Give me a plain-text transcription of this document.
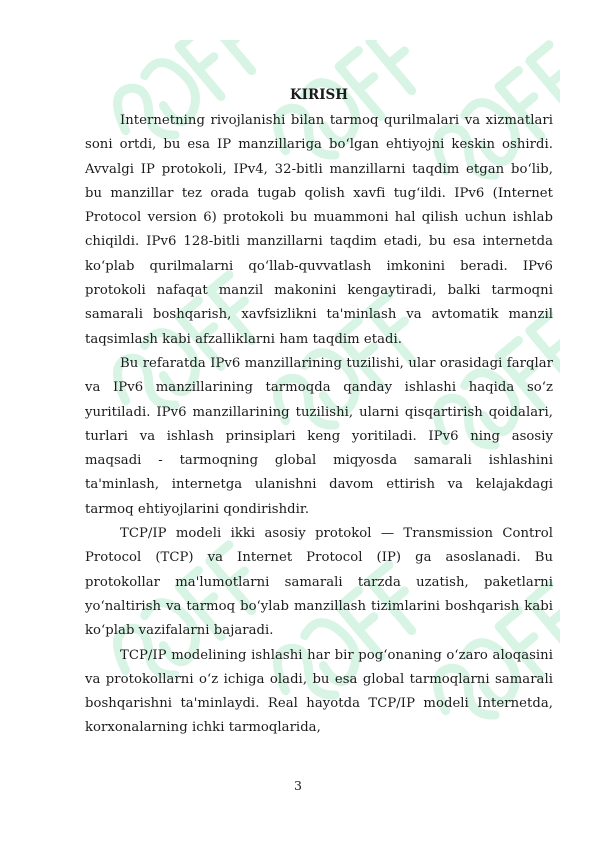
KIRISH

Internetning rivojlanishi bilan tarmoq qurilmalari va xizmatlari soni ortdi, bu esa IP manzillariga bo‘lgan ehtiyojni keskin oshirdi. Avvalgi IP protokoli, IPv4, 32-bitli manzillarni taqdim etgan bo‘lib, bu manzillar tez orada tugab qolish xavfi tug‘ildi. IPv6 (Internet Protocol version 6) protokoli bu muammoni hal qilish uchun ishlab chiqildi. IPv6 128-bitli manzillarni taqdim etadi, bu esa internetda ko‘plab qurilmalarni qo‘llab-quvvatlash imkonini beradi. IPv6 protokoli nafaqat manzil makonini kengaytiradi, balki tarmoqni samarali boshqarish, xavfsizlikni ta'minlash va avtomatik manzil taqsimlash kabi afzalliklarni ham taqdim etadi.

Bu refaratda IPv6 manzillarining tuzilishi, ular orasidagi farqlar va IPv6 manzillarining tarmoqda qanday ishlashi haqida so‘z yuritiladi. IPv6 manzillarining tuzilishi, ularni qisqartirish qoidalari, turlari va ishlash prinsiplari keng yoritiladi. IPv6 ning asosiy maqsadi - tarmoqning global miqyosda samarali ishlashini ta'minlash, internetga ulanishni davom ettirish va kelajakdagi tarmoq ehtiyojlarini qondirishdir.

TCP/IP modeli ikki asosiy protokol — Transmission Control Protocol (TCP) va Internet Protocol (IP) ga asoslanadi. Bu protokollar ma'lumotlarni samarali tarzda uzatish, paketlarni yo‘naltirish va tarmoq bo‘ylab manzillash tizimlarini boshqarish kabi ko‘plab vazifalarni bajaradi.

TCP/IP modelining ishlashi har bir pog‘onaning o‘zaro aloqasini va protokollarni o‘z ichiga oladi, bu esa global tarmoqlarni samarali boshqarishni ta'minlaydi. Real hayotda TCP/IP modeli Internetda, korxonalarning ichki tarmoqlarida,

3
